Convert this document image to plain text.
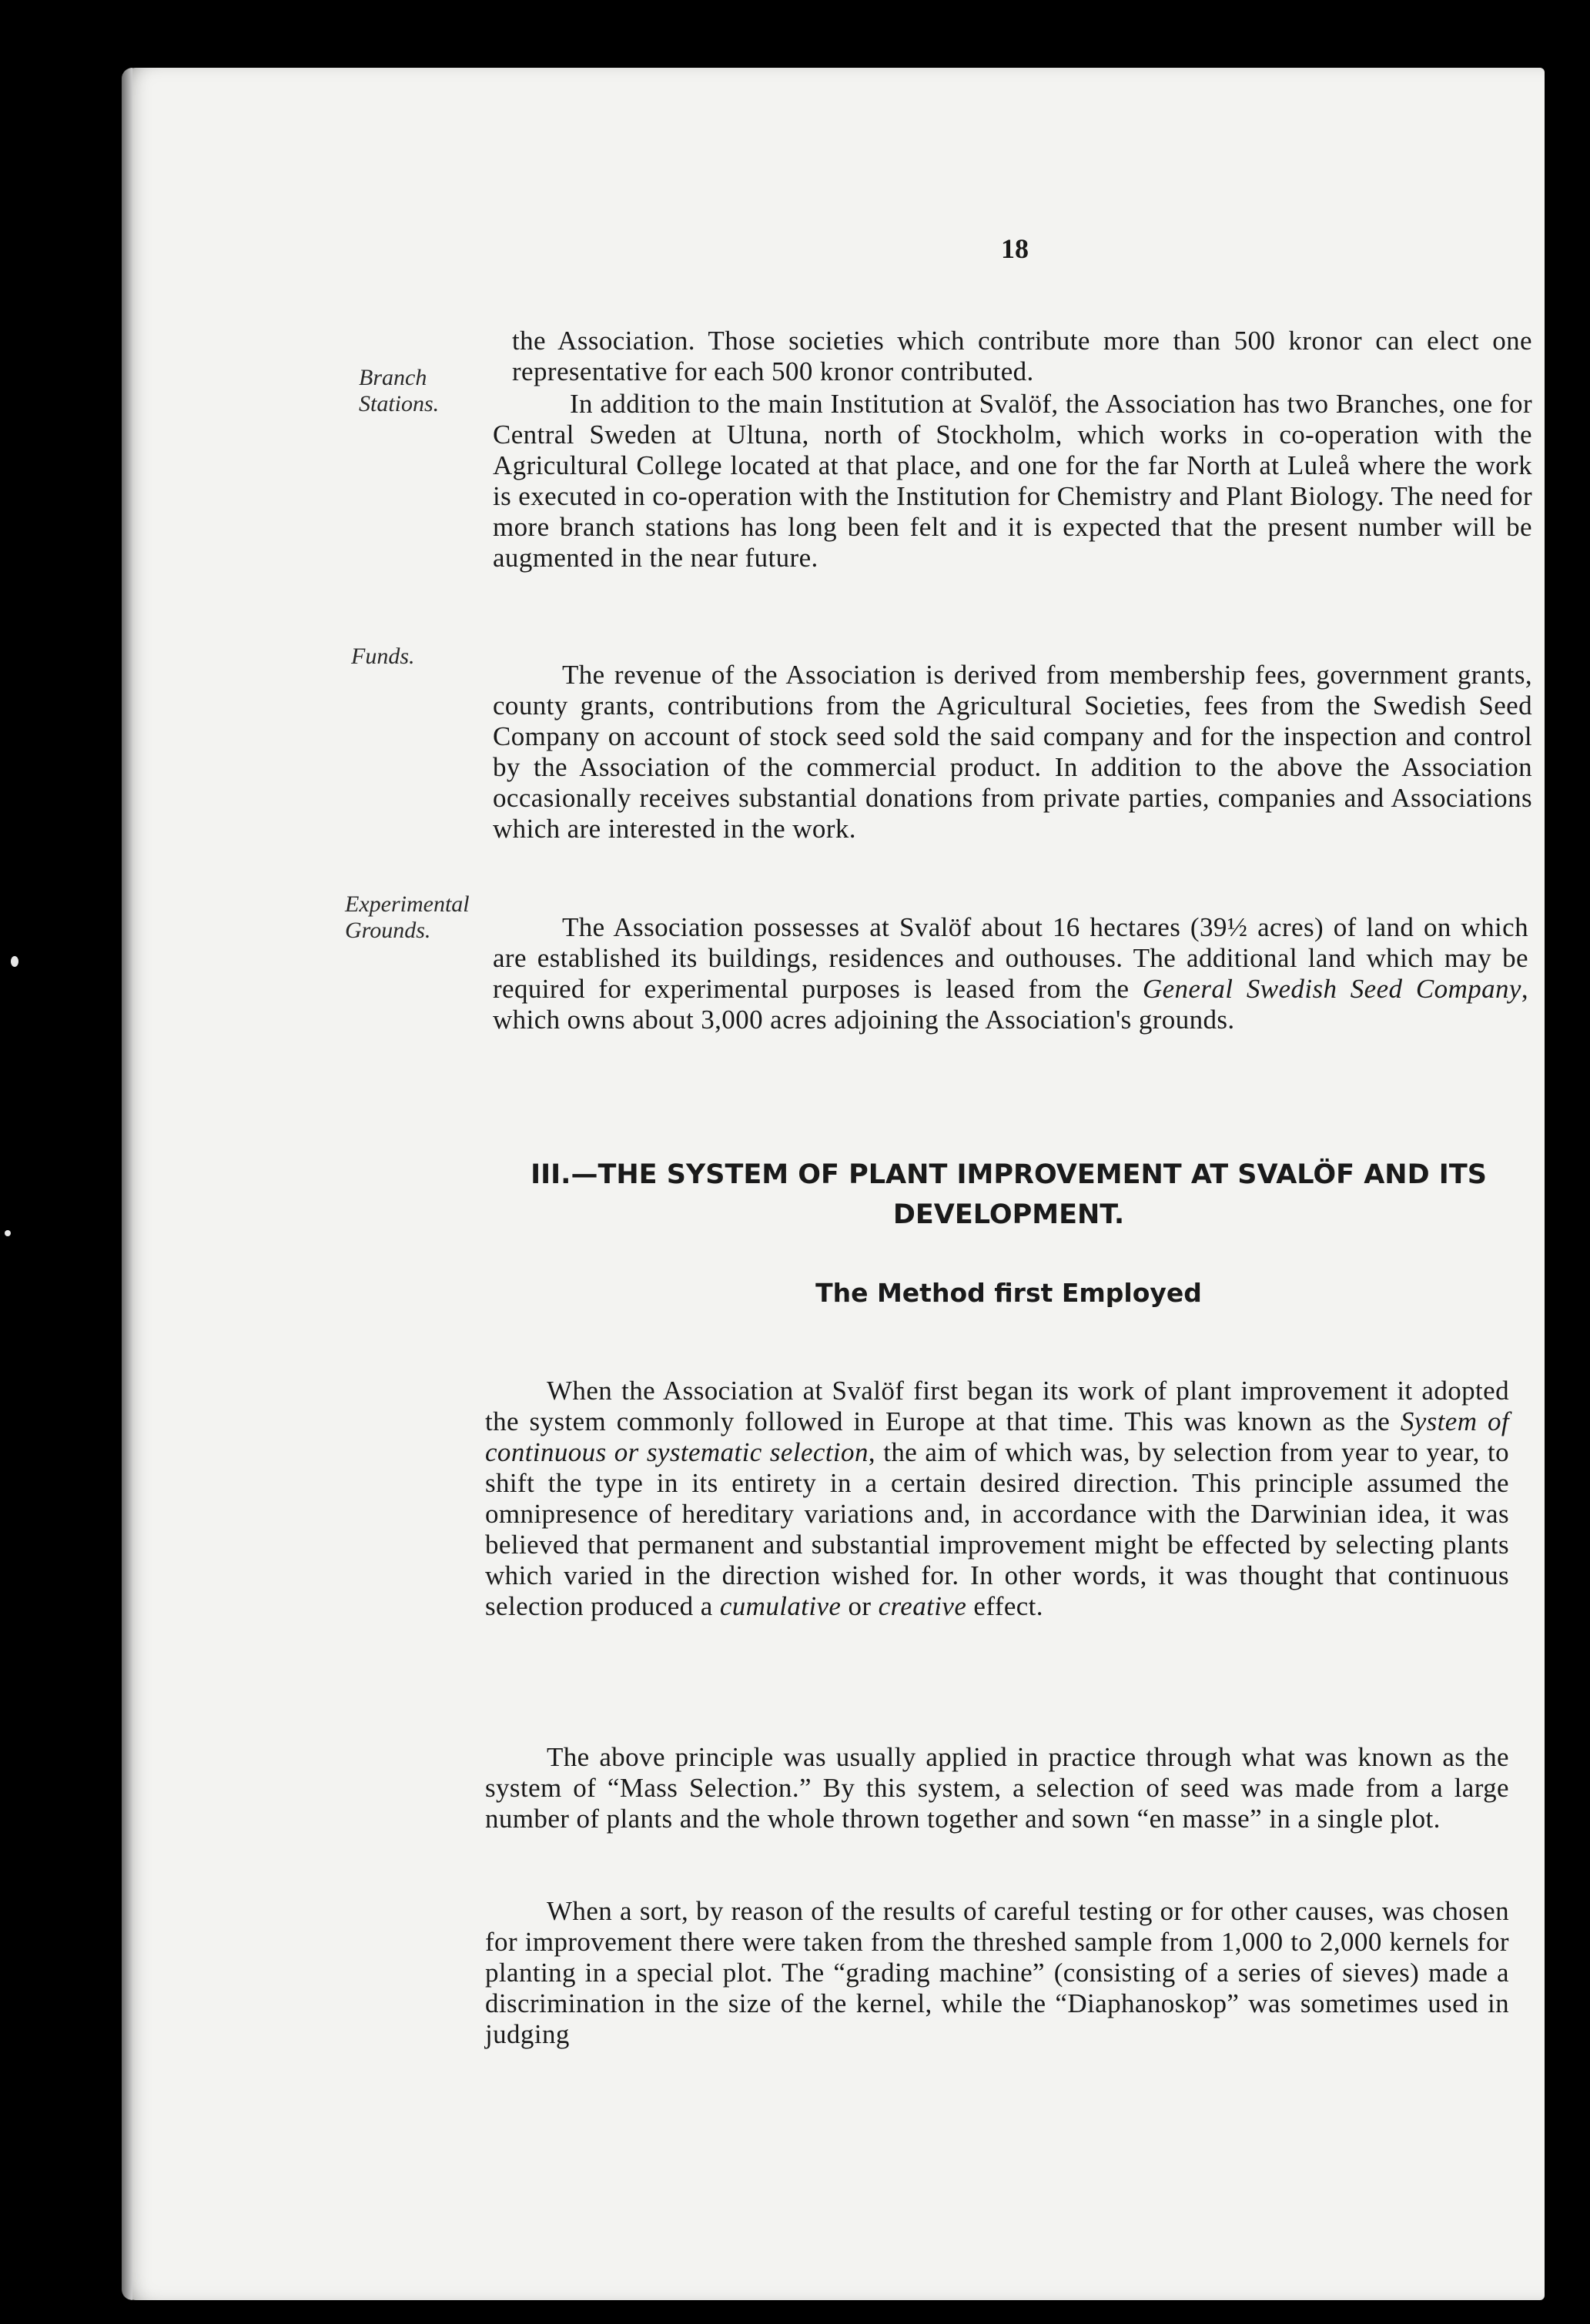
18
Branch
Stations.
Funds.
Experimental
Grounds.

the Association. Those societies which contribute more than 500 kronor can elect one representative for each 500 kronor contributed.

In addition to the main Institution at Svalöf, the Association has two Branches, one for Central Sweden at Ultuna, north of Stockholm, which works in co-operation with the Agricultural College located at that place, and one for the far North at Luleå where the work is executed in co-operation with the Institution for Chemistry and Plant Biology. The need for more branch stations has long been felt and it is expected that the present number will be augmented in the near future.

The revenue of the Association is derived from membership fees, government grants, county grants, contributions from the Agricultural Societies, fees from the Swedish Seed Company on account of stock seed sold the said company and for the inspection and control by the Association of the commercial product. In addition to the above the Association occasionally receives substantial donations from private parties, companies and Associations which are interested in the work.

The Association possesses at Svalöf about 16 hectares (39½ acres) of land on which are established its buildings, residences and outhouses. The additional land which may be required for experimental purposes is leased from the General Swedish Seed Company, which owns about 3,000 acres adjoining the Association's grounds.

III.—THE SYSTEM OF PLANT IMPROVEMENT AT SVALÖF AND ITS
DEVELOPMENT.
The Method first Employed

When the Association at Svalöf first began its work of plant improvement it adopted the system commonly followed in Europe at that time. This was known as the System of continuous or systematic selection, the aim of which was, by selection from year to year, to shift the type in its entirety in a certain desired direction. This principle assumed the omnipresence of hereditary variations and, in accordance with the Darwinian idea, it was believed that permanent and substantial improvement might be effected by selecting plants which varied in the direction wished for. In other words, it was thought that continuous selection produced a cumulative or creative effect.

The above principle was usually applied in practice through what was known as the system of “Mass Selection.” By this system, a selection of seed was made from a large number of plants and the whole thrown together and sown “en masse” in a single plot.

When a sort, by reason of the results of careful testing or for other causes, was chosen for improvement there were taken from the threshed sample from 1,000 to 2,000 kernels for planting in a special plot. The “grading machine” (consisting of a series of sieves) made a discrimination in the size of the kernel, while the “Diaphanoskop” was sometimes used in judging
